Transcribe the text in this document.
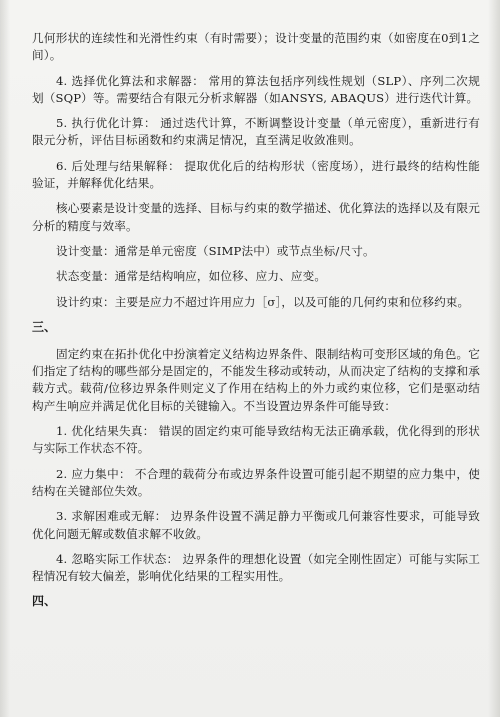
几何形状的连续性和光滑性约束（有时需要）；设计变量的范围约束（如密度在0到1之间）。

4. 选择优化算法和求解器： 常用的算法包括序列线性规划（SLP）、序列二次规划（SQP）等。需要结合有限元分析求解器（如ANSYS, ABAQUS）进行迭代计算。

5. 执行优化计算： 通过迭代计算，不断调整设计变量（单元密度），重新进行有限元分析，评估目标函数和约束满足情况，直至满足收敛准则。

6. 后处理与结果解释： 提取优化后的结构形状（密度场），进行最终的结构性能验证，并解释优化结果。

核心要素是设计变量的选择、目标与约束的数学描述、优化算法的选择以及有限元分析的精度与效率。

设计变量：通常是单元密度（SIMP法中）或节点坐标/尺寸。

状态变量：通常是结构响应，如位移、应力、应变。

设计约束：主要是应力不超过许用应力［σ］，以及可能的几何约束和位移约束。

三、

固定约束在拓扑优化中扮演着定义结构边界条件、限制结构可变形区域的角色。它们指定了结构的哪些部分是固定的，不能发生移动或转动，从而决定了结构的支撑和承载方式。载荷/位移边界条件则定义了作用在结构上的外力或约束位移，它们是驱动结构产生响应并满足优化目标的关键输入。不当设置边界条件可能导致：

1. 优化结果失真： 错误的固定约束可能导致结构无法正确承载，优化得到的形状与实际工作状态不符。

2. 应力集中： 不合理的载荷分布或边界条件设置可能引起不期望的应力集中，使结构在关键部位失效。

3. 求解困难或无解： 边界条件设置不满足静力平衡或几何兼容性要求，可能导致优化问题无解或数值求解不收敛。

4. 忽略实际工作状态： 边界条件的理想化设置（如完全刚性固定）可能与实际工程情况有较大偏差，影响优化结果的工程实用性。

四、
